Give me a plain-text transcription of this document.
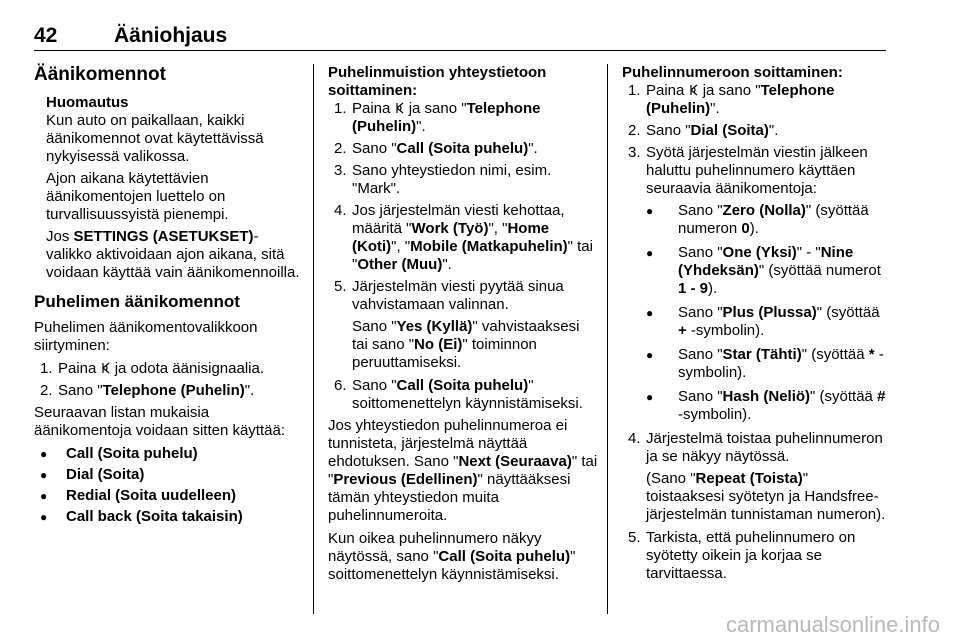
42	Ääniohjaus
Äänikomennot
Huomautus

Kun auto on paikallaan, kaikki äänikomennot ovat käytettävissä nykyisessä valikossa.

Ajon aikana käytettävien äänikomentojen luettelo on turvallisuussyistä pienempi.

Jos SETTINGS (ASETUKSET)-valikko aktivoidaan ajon aikana, sitä voidaan käyttää vain äänikomennoilla.

Puhelimen äänikomennot

Puhelimen äänikomentovalikkoon siirtyminen:

1. Paina  ja odota äänisignaalia.
2. Sano "Telephone (Puhelin)".

Seuraavan listan mukaisia äänikomentoja voidaan sitten käyttää:

● Call (Soita puhelu)
● Dial (Soita)
● Redial (Soita uudelleen)
● Call back (Soita takaisin)
Puhelinmuistion yhteystietoon soittaminen:
1. Paina  ja sano "Telephone (Puhelin)".
2. Sano "Call (Soita puhelu)".
3. Sano yhteystiedon nimi, esim. "Mark".
4. Jos järjestelmän viesti kehottaa, määritä "Work (Työ)", "Home (Koti)", "Mobile (Matkapuhelin)" tai "Other (Muu)".
5. Järjestelmän viesti pyytää sinua vahvistamaan valinnan.
Sano "Yes (Kyllä)" vahvistaaksesi tai sano "No (Ei)" toiminnon peruuttamiseksi.
6. Sano "Call (Soita puhelu)" soittomenettelyn käynnistämiseksi.

Jos yhteystiedon puhelinnumeroa ei tunnisteta, järjestelmä näyttää ehdotuksen. Sano "Next (Seuraava)" tai "Previous (Edellinen)" näyttääksesi tämän yhteystiedon muita puhelinnumeroita.

Kun oikea puhelinnumero näkyy näytössä, sano "Call (Soita puhelu)" soittomenettelyn käynnistämiseksi.

Puhelinnumeroon soittaminen:
1. Paina  ja sano "Telephone (Puhelin)".
2. Sano "Dial (Soita)".
3. Syötä järjestelmän viestin jälkeen haluttu puhelinnumero käyttäen seuraavia äänikomentoja:
● Sano "Zero (Nolla)" (syöttää numeron 0).
● Sano "One (Yksi)" - "Nine (Yhdeksän)" (syöttää numerot 1 - 9).
● Sano "Plus (Plussa)" (syöttää + -symbolin).
● Sano "Star (Tähti)" (syöttää * -symbolin).
● Sano "Hash (Neliö)" (syöttää # -symbolin).
4. Järjestelmä toistaa puhelinnumeron ja se näkyy näytössä.
(Sano "Repeat (Toista)" toistaaksesi syötetyn ja Handsfree-järjestelmän tunnistaman numeron).
5. Tarkista, että puhelinnumero on syötetty oikein ja korjaa se tarvittaessa.
carmanualsonline.info
